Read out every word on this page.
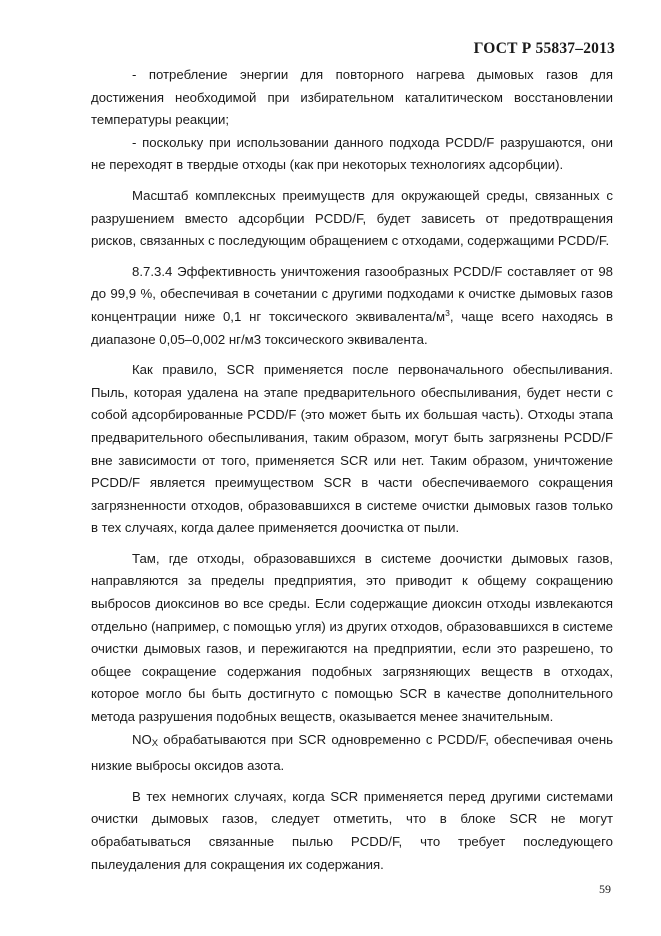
ГОСТ Р 55837–2013

- потребление энергии для повторного нагрева дымовых газов для достижения необходимой при избирательном каталитическом восстановлении температуры реакции;

- поскольку при использовании данного подхода PCDD/F разрушаются, они не переходят в твердые отходы (как при некоторых технологиях адсорбции).

Масштаб комплексных преимуществ для окружающей среды, связанных с разрушением вместо адсорбции PCDD/F, будет зависеть от предотвращения рисков, связанных с последующим обращением с отходами, содержащими PCDD/F.

8.7.3.4 Эффективность уничтожения газообразных PCDD/F составляет от 98 до 99,9 %, обеспечивая в сочетании с другими подходами к очистке дымовых газов концентрации ниже 0,1 нг токсического эквивалента/$м^3$, чаще всего находясь в диапазоне 0,05–0,002 нг/м3 токсического эквивалента.

Как правило, SCR применяется после первоначального обеспыливания. Пыль, которая удалена на этапе предварительного обеспыливания, будет нести с собой адсорбированные PCDD/F (это может быть их большая часть). Отходы этапа предварительного обеспыливания, таким образом, могут быть загрязнены PCDD/F вне зависимости от того, применяется SCR или нет. Таким образом, уничтожение PCDD/F является преимуществом SCR в части обеспечиваемого сокращения загрязненности отходов, образовавшихся в системе очистки дымовых газов только в тех случаях, когда далее применяется доочистка от пыли.

Там, где отходы, образовавшихся в системе доочистки дымовых газов, направляются за пределы предприятия, это приводит к общему сокращению выбросов диоксинов во все среды. Если содержащие диоксин отходы извлекаются отдельно (например, с помощью угля) из других отходов, образовавшихся в системе очистки дымовых газов, и пережигаются на предприятии, если это разрешено, то общее сокращение содержания подобных загрязняющих веществ в отходах, которое могло бы быть достигнуто с помощью SCR в качестве дополнительного метода разрушения подобных веществ, оказывается менее значительным.

$NO_X$ обрабатываются при SCR одновременно с PCDD/F, обеспечивая очень низкие выбросы оксидов азота.

В тех немногих случаях, когда SCR применяется перед другими системами очистки дымовых газов, следует отметить, что в блоке SCR не могут обрабатываться связанные пылью PCDD/F, что требует последующего пылеудаления для сокращения их содержания.

59
